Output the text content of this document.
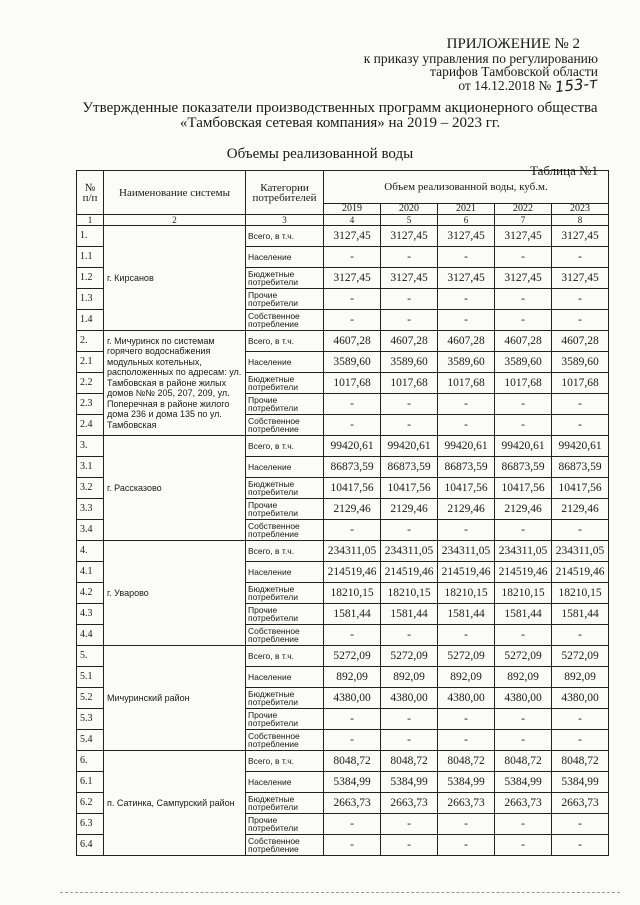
ПРИЛОЖЕНИЕ № 2
к приказу управления по регулированию
тарифов Тамбовской области
от 14.12.2018 № 153-т
Утвержденные показатели производственных программ акционерного общества
«Тамбовская сетевая компания» на 2019 – 2023 гг.
Объемы реализованной воды
Таблица №1
№ п/п	Наименование системы	Категории потребителей	Объем реализованной воды, куб.м.				
			2019	2020	2021	2022	2023
1	2	3	4	5	6	7	8
1.	г. Кирсанов	Всего, в т.ч.	3127,45	3127,45	3127,45	3127,45	3127,45
1.1		Население	-	-	-	-	-
1.2		Бюджетные потребители	3127,45	3127,45	3127,45	3127,45	3127,45
1.3		Прочие потребители	-	-	-	-	-
1.4		Собственное потребление	-	-	-	-	-
2.	г. Мичуринск по системам горячего водоснабжения модульных котельных, расположенных по адресам: ул. Тамбовская в районе жилых домов №№ 205, 207, 209, ул. Поперечная в районе жилого дома 236 и дома 135 по ул. Тамбовская	Всего, в т.ч.	4607,28	4607,28	4607,28	4607,28	4607,28
2.1		Население	3589,60	3589,60	3589,60	3589,60	3589,60
2.2		Бюджетные потребители	1017,68	1017,68	1017,68	1017,68	1017,68
2.3		Прочие потребители	-	-	-	-	-
2.4		Собственное потребление	-	-	-	-	-
3.	г. Рассказово	Всего, в т.ч.	99420,61	99420,61	99420,61	99420,61	99420,61
3.1		Население	86873,59	86873,59	86873,59	86873,59	86873,59
3.2		Бюджетные потребители	10417,56	10417,56	10417,56	10417,56	10417,56
3.3		Прочие потребители	2129,46	2129,46	2129,46	2129,46	2129,46
3.4		Собственное потребление	-	-	-	-	-
4.	г. Уварово	Всего, в т.ч.	234311,05	234311,05	234311,05	234311,05	234311,05
4.1		Население	214519,46	214519,46	214519,46	214519,46	214519,46
4.2		Бюджетные потребители	18210,15	18210,15	18210,15	18210,15	18210,15
4.3		Прочие потребители	1581,44	1581,44	1581,44	1581,44	1581,44
4.4		Собственное потребление	-	-	-	-	-
5.	Мичуринский район	Всего, в т.ч.	5272,09	5272,09	5272,09	5272,09	5272,09
5.1		Население	892,09	892,09	892,09	892,09	892,09
5.2		Бюджетные потребители	4380,00	4380,00	4380,00	4380,00	4380,00
5.3		Прочие потребители	-	-	-	-	-
5.4		Собственное потребление	-	-	-	-	-
6.	п. Сатинка, Сампурский район	Всего, в т.ч.	8048,72	8048,72	8048,72	8048,72	8048,72
6.1		Население	5384,99	5384,99	5384,99	5384,99	5384,99
6.2		Бюджетные потребители	2663,73	2663,73	2663,73	2663,73	2663,73
6.3		Прочие потребители	-	-	-	-	-
6.4		Собственное потребление	-	-	-	-	-
